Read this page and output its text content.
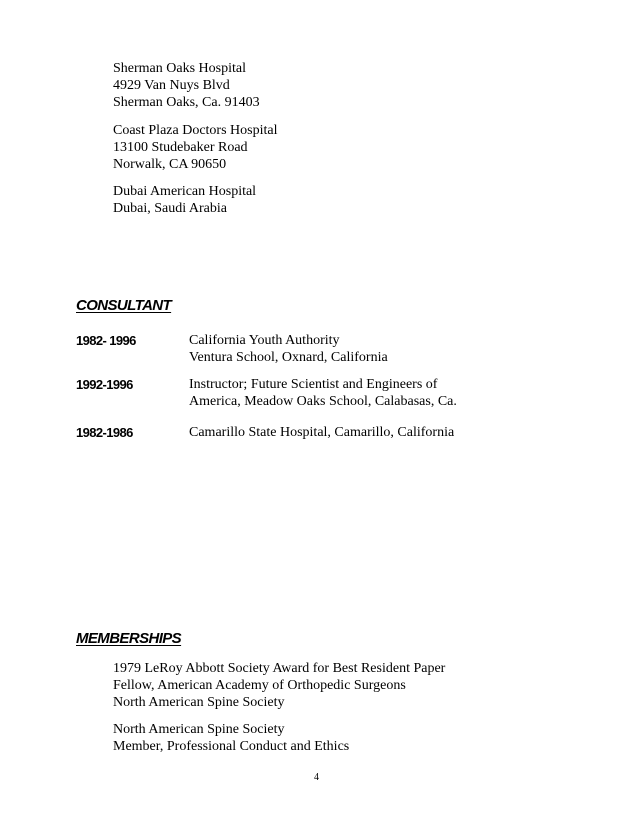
Sherman Oaks Hospital
4929 Van Nuys Blvd
Sherman Oaks, Ca. 91403
Coast Plaza Doctors Hospital
13100 Studebaker Road
Norwalk, CA 90650
Dubai American Hospital
Dubai, Saudi Arabia
CONSULTANT
1982- 1996	California Youth Authority
Ventura School, Oxnard, California
1992-1996	Instructor; Future Scientist and Engineers of
America, Meadow Oaks School, Calabasas, Ca.
1982-1986	Camarillo State Hospital, Camarillo, California
MEMBERSHIPS
1979 LeRoy Abbott Society Award for Best Resident Paper
Fellow, American Academy of Orthopedic Surgeons
North American Spine Society
North American Spine Society
Member, Professional Conduct and Ethics
4
